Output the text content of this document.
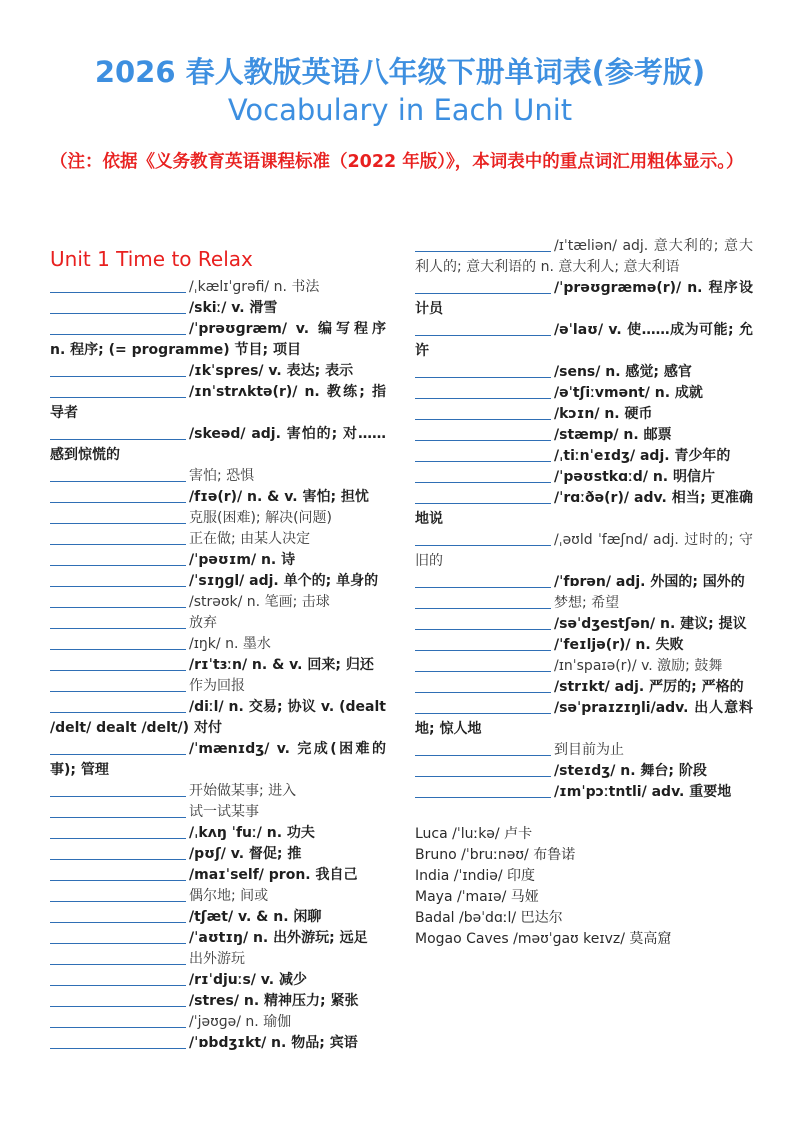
2026 春人教版英语八年级下册单词表(参考版)
Vocabulary in Each Unit
（注：依据《义务教育英语课程标准（2022 年版）》，本词表中的重点词汇用粗体显示。）
Unit 1 Time to Relax

/ˌkælɪˈɡrəfi/ n. 书法

/skiː/ v. 滑雪

/ˈprəʊɡræm/ v. 编写程序 n. 程序; (= programme) 节目; 项目

/ɪkˈspres/ v. 表达; 表示

/ɪnˈstrʌktə(r)/ n. 教练; 指导者

/skeəd/ adj. 害怕的; 对……感到惊慌的

害怕; 恐惧

/fɪə(r)/ n. & v. 害怕; 担忧

克服(困难); 解决(问题)

正在做; 由某人决定

/ˈpəʊɪm/ n. 诗

/ˈsɪŋɡl/ adj. 单个的; 单身的

/strəʊk/ n. 笔画; 击球

放弃

/ɪŋk/ n. 墨水

/rɪˈtɜːn/ n. & v. 回来; 归还

作为回报

/diːl/ n. 交易; 协议 v. (dealt /delt/ dealt /delt/) 对付

/ˈmænɪdʒ/ v. 完成(困难的事); 管理

开始做某事; 进入

试一试某事

/ˌkʌŋ ˈfuː/ n. 功夫

/pʊʃ/ v. 督促; 推

/maɪˈself/ pron. 我自己

偶尔地; 间或

/tʃæt/ v. & n. 闲聊

/ˈaʊtɪŋ/ n. 出外游玩; 远足

出外游玩

/rɪˈdjuːs/ v. 减少

/stres/ n. 精神压力; 紧张

/ˈjəʊɡə/ n. 瑜伽

/ˈɒbdʒɪkt/ n. 物品; 宾语

/ɪˈtæliən/ adj. 意大利的; 意大利人的; 意大利语的 n. 意大利人; 意大利语

/ˈprəʊɡræmə(r)/ n. 程序设计员

/əˈlaʊ/ v. 使……成为可能; 允许

/sens/ n. 感觉; 感官

/əˈtʃiːvmənt/ n. 成就

/kɔɪn/ n. 硬币

/stæmp/ n. 邮票

/ˌtiːnˈeɪdʒ/ adj. 青少年的

/ˈpəʊstkɑːd/ n. 明信片

/ˈrɑːðə(r)/ adv. 相当; 更准确地说

/ˌəʊld ˈfæʃnd/ adj. 过时的; 守旧的

/ˈfɒrən/ adj. 外国的; 国外的

梦想; 希望

/səˈdʒestʃən/ n. 建议; 提议

/ˈfeɪljə(r)/ n. 失败

/ɪnˈspaɪə(r)/ v. 激励; 鼓舞

/strɪkt/ adj. 严厉的; 严格的

/səˈpraɪzɪŋli/adv. 出人意料地; 惊人地

到目前为止

/steɪdʒ/ n. 舞台; 阶段

/ɪmˈpɔːtntli/ adv. 重要地

Luca /ˈluːkə/ 卢卡
Bruno /ˈbruːnəʊ/ 布鲁诺
India /ˈɪndiə/ 印度
Maya /ˈmaɪə/ 马娅
Badal /bəˈdɑːl/ 巴达尔
Mogao Caves /məʊˈɡaʊ keɪvz/ 莫高窟
